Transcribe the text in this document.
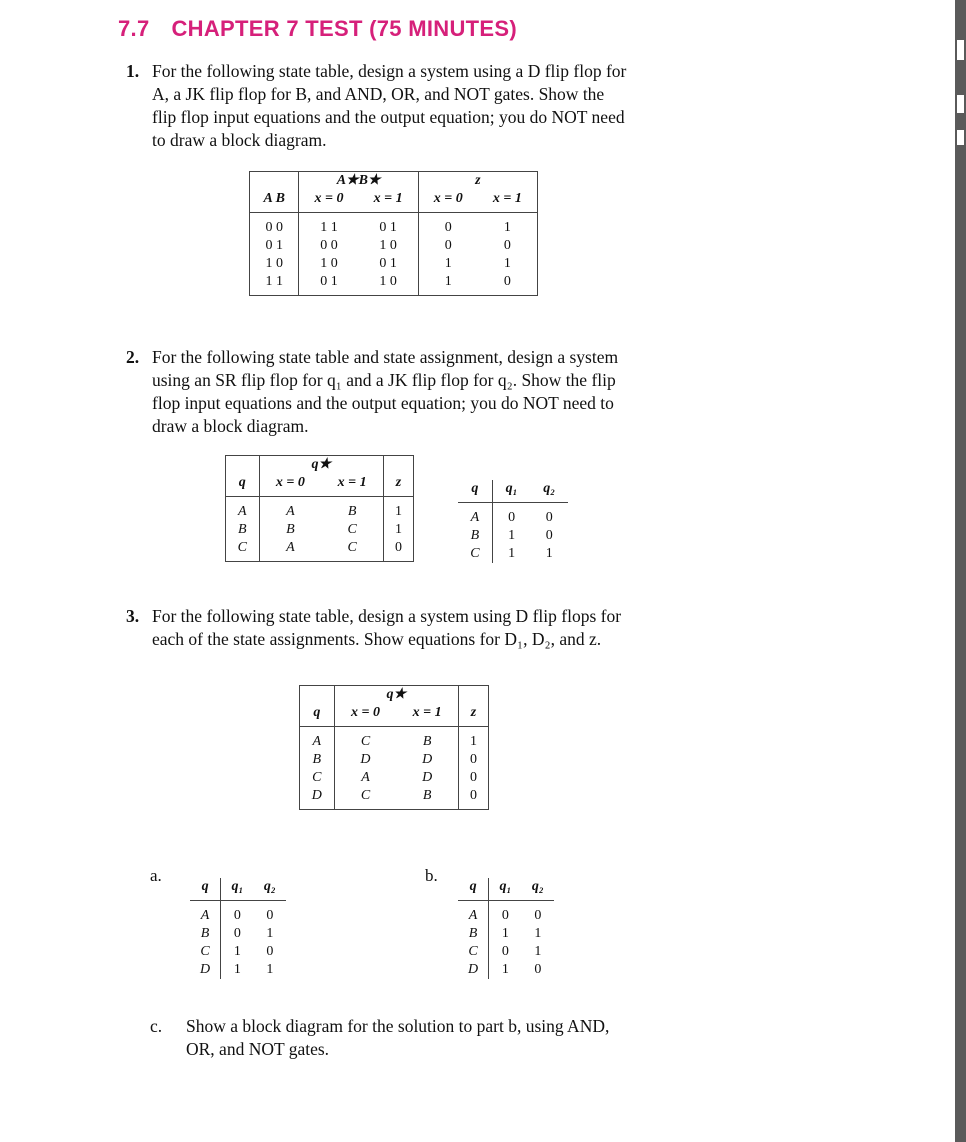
7.7 CHAPTER 7 TEST (75 MINUTES)
1. For the following state table, design a system using a D flip flop for
A, a JK flip flop for B, and AND, OR, and NOT gates. Show the
flip flop input equations and the output equation; you do NOT need
to draw a block diagram.
	A★B★		z	
A B	x = 0	x = 1	x = 0	x = 1
0 0	1 1	0 1	0	1
0 1	0 0	1 0	0	0
1 0	1 0	0 1	1	1
1 1	0 1	1 0	1	0
2. For the following state table and state assignment, design a system
using an SR flip flop for q₁ and a JK flip flop for q₂. Show the flip
flop input equations and the output equation; you do NOT need to
draw a block diagram.
	q★		
q	x = 0	x = 1	z
A	A	B	1
B	B	C	1
C	A	C	0
q	q₁	q₂
A	0	0
B	1	0
C	1	1
3. For the following state table, design a system using D flip flops for
each of the state assignments. Show equations for D₁, D₂, and z.
	q★		
q	x = 0	x = 1	z
A	C	B	1
B	D	D	0
C	A	D	0
D	C	B	0
a.
q	q₁	q₂
A	0	0
B	0	1
C	1	0
D	1	1
b.
q	q₁	q₂
A	0	0
B	1	1
C	0	1
D	1	0
c. Show a block diagram for the solution to part b, using AND,
OR, and NOT gates.
